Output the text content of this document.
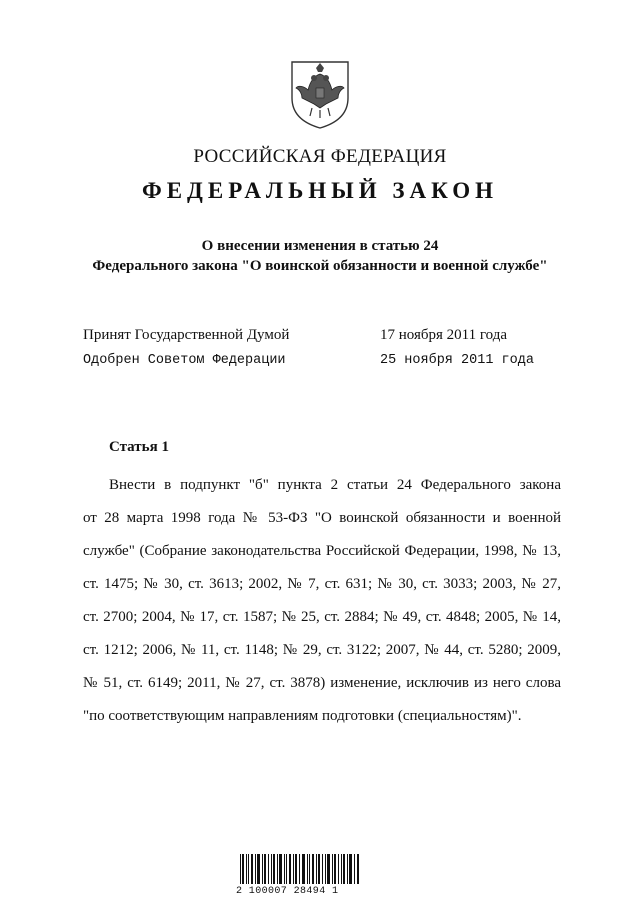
РОССИЙСКАЯ ФЕДЕРАЦИЯ
ФЕДЕРАЛЬНЫЙ ЗАКОН
О внесении изменения в статью 24
Федерального закона "О воинской обязанности и военной службе"
Принят Государственной Думой	17 ноября 2011 года
Одобрен Советом Федерации	25 ноября 2011 года
Статья 1
Внести в подпункт "б" пункта 2 статьи 24 Федерального закона
от 28 марта 1998 года № 53-ФЗ "О воинской обязанности и военной
службе" (Собрание законодательства Российской Федерации, 1998, № 13,
ст. 1475; № 30, ст. 3613; 2002, № 7, ст. 631; № 30, ст. 3033; 2003, № 27,
ст. 2700; 2004, № 17, ст. 1587; № 25, ст. 2884; № 49, ст. 4848; 2005, № 14,
ст. 1212; 2006, № 11, ст. 1148; № 29, ст. 3122; 2007, № 44, ст. 5280; 2009,
№ 51, ст. 6149; 2011, № 27, ст. 3878) изменение, исключив из него слова
"по соответствующим направлениям подготовки (специальностям)".
2 100007 28494 1
